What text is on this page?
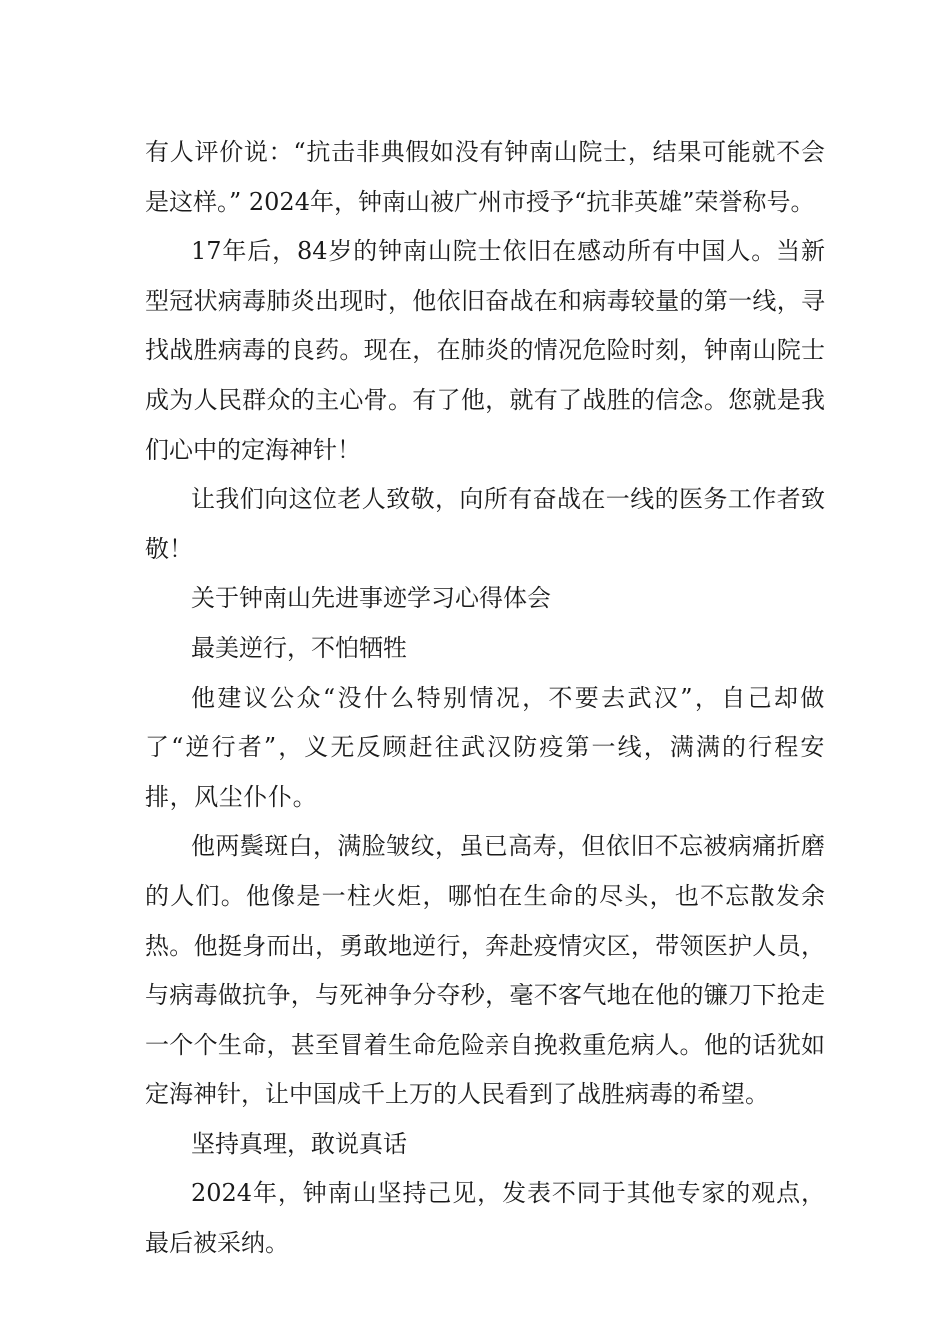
有人评价说：“抗击非典假如没有钟南山院士，结果可能就不会是这样。” 2024年，钟南山被广州市授予“抗非英雄”荣誉称号。

17年后，84岁的钟南山院士依旧在感动所有中国人。当新型冠状病毒肺炎出现时，他依旧奋战在和病毒较量的第一线，寻找战胜病毒的良药。现在，在肺炎的情况危险时刻，钟南山院士成为人民群众的主心骨。有了他，就有了战胜的信念。您就是我们心中的定海神针！

让我们向这位老人致敬，向所有奋战在一线的医务工作者致敬！

关于钟南山先进事迹学习心得体会

最美逆行，不怕牺牲

他建议公众“没什么特别情况，不要去武汉”，自己却做了“逆行者”，义无反顾赶往武汉防疫第一线，满满的行程安排，风尘仆仆。

他两鬓斑白，满脸皱纹，虽已高寿，但依旧不忘被病痛折磨的人们。他像是一柱火炬，哪怕在生命的尽头，也不忘散发余热。他挺身而出，勇敢地逆行，奔赴疫情灾区，带领医护人员，与病毒做抗争，与死神争分夺秒，毫不客气地在他的镰刀下抢走一个个生命，甚至冒着生命危险亲自挽救重危病人。他的话犹如定海神针，让中国成千上万的人民看到了战胜病毒的希望。

坚持真理，敢说真话

2024年，钟南山坚持己见，发表不同于其他专家的观点，最后被采纳。
